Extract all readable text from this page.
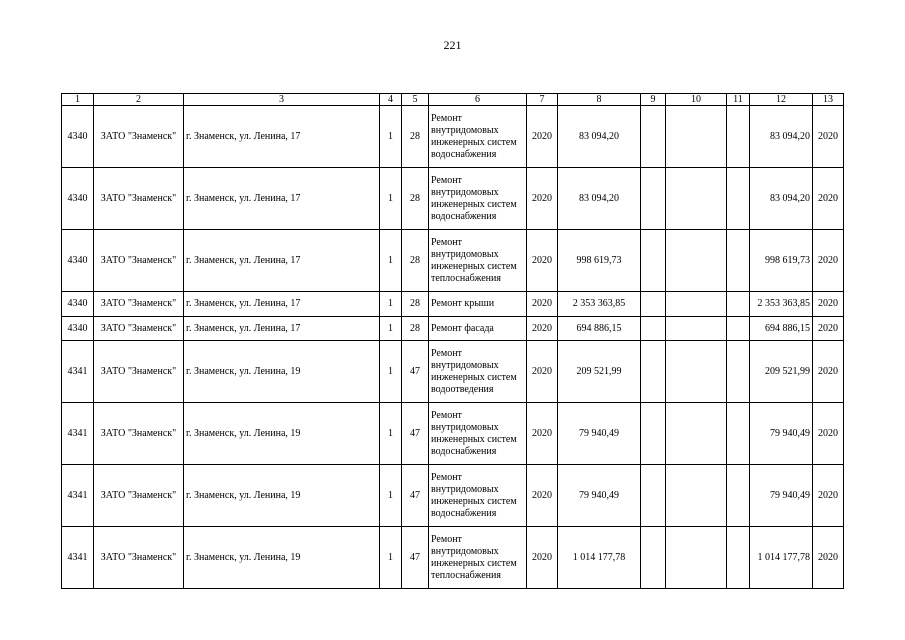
221
1	2	3	4	5	6	7	8	9	10	11	12	13
4340	ЗАТО "Знаменск"	г. Знаменск, ул. Ленина, 17	1	28	Ремонт внутридомовых инженерных систем водоснабжения	2020	83 094,20				83 094,20	2020
4340	ЗАТО "Знаменск"	г. Знаменск, ул. Ленина, 17	1	28	Ремонт внутридомовых инженерных систем водоснабжения	2020	83 094,20				83 094,20	2020
4340	ЗАТО "Знаменск"	г. Знаменск, ул. Ленина, 17	1	28	Ремонт внутридомовых инженерных систем теплоснабжения	2020	998 619,73				998 619,73	2020
4340	ЗАТО "Знаменск"	г. Знаменск, ул. Ленина, 17	1	28	Ремонт крыши	2020	2 353 363,85				2 353 363,85	2020
4340	ЗАТО "Знаменск"	г. Знаменск, ул. Ленина, 17	1	28	Ремонт фасада	2020	694 886,15				694 886,15	2020
4341	ЗАТО "Знаменск"	г. Знаменск, ул. Ленина, 19	1	47	Ремонт внутридомовых инженерных систем водоотведения	2020	209 521,99				209 521,99	2020
4341	ЗАТО "Знаменск"	г. Знаменск, ул. Ленина, 19	1	47	Ремонт внутридомовых инженерных систем водоснабжения	2020	79 940,49				79 940,49	2020
4341	ЗАТО "Знаменск"	г. Знаменск, ул. Ленина, 19	1	47	Ремонт внутридомовых инженерных систем водоснабжения	2020	79 940,49				79 940,49	2020
4341	ЗАТО "Знаменск"	г. Знаменск, ул. Ленина, 19	1	47	Ремонт внутридомовых инженерных систем теплоснабжения	2020	1 014 177,78				1 014 177,78	2020
